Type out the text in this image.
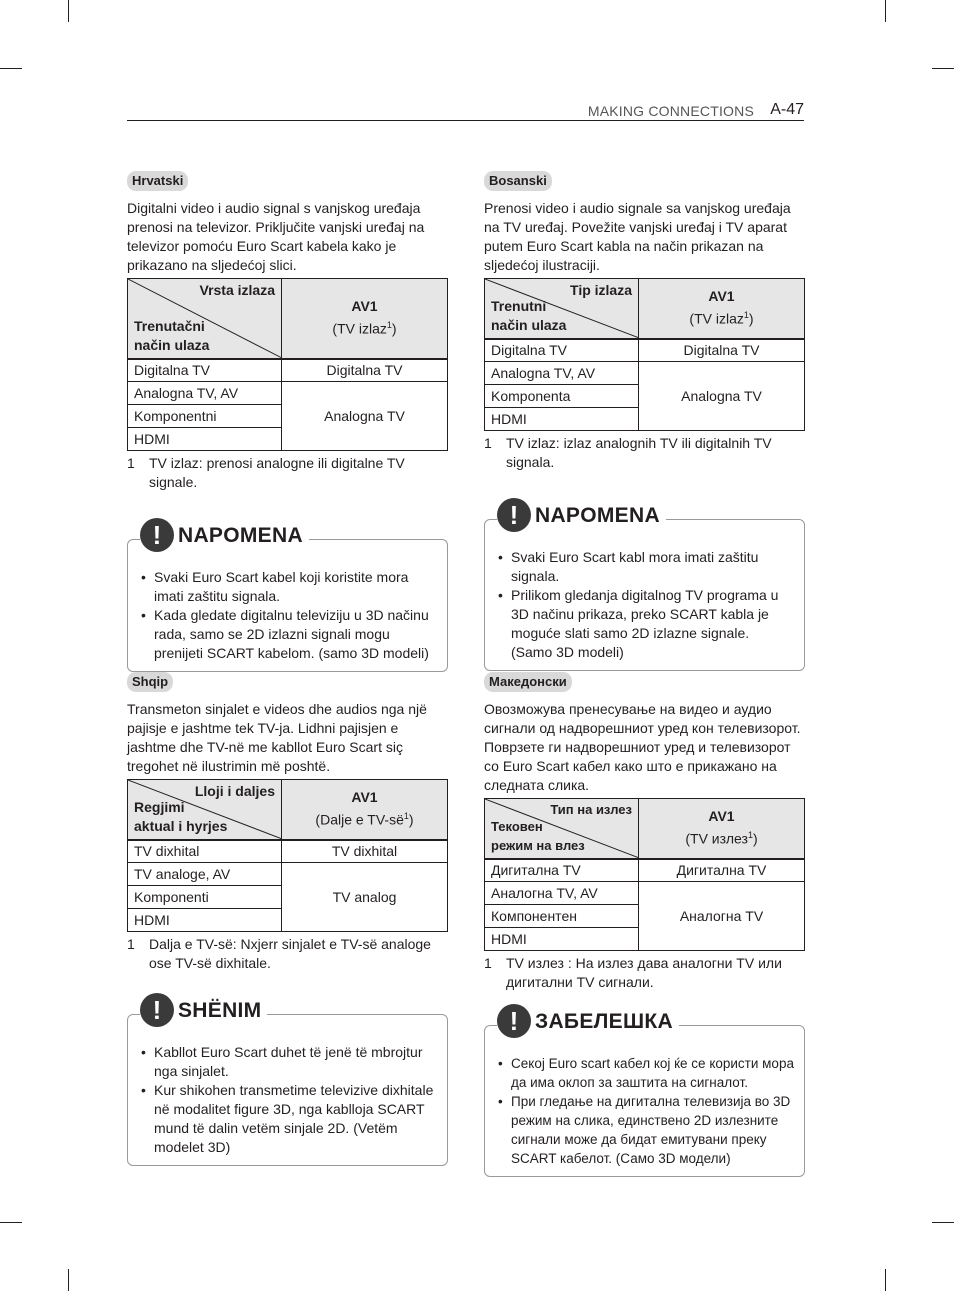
MAKING CONNECTIONS A-47
Hrvatski

Digitalni video i audio signal s vanjskog uređaja prenosi na televizor. Priključite vanjski uređaj na televizor pomoću Euro Scart kabela kako je prikazano na sljedećoj slici.

Vrsta izlaza
Trenutačni
način ulaza	AV1
(TV izlaz$^1$)
Digitalna TV	Digitalna TV
Analogna TV, AV	Analogna TV
Komponentni	
HDMI	
1	TV izlaz: prenosi analogne ili digitalne TV signale.
! NAPOMENA
• Svaki Euro Scart kabel koji koristite mora imati zaštitu signala.
• Kada gledate digitalnu televiziju u 3D načinu rada, samo se 2D izlazni signali mogu prenijeti SCART kabelom. (samo 3D modeli)
Bosanski

Prenosi video i audio signale sa vanjskog uređaja na TV uređaj. Povežite vanjski uređaj i TV aparat putem Euro Scart kabla na način prikazan na sljedećoj ilustraciji.

Tip izlaza
Trenutni
način ulaza	AV1
(TV izlaz$^1$)
Digitalna TV	Digitalna TV
Analogna TV, AV	Analogna TV
Komponenta	
HDMI	
1	TV izlaz: izlaz analognih TV ili digitalnih TV signala.
! NAPOMENA
• Svaki Euro Scart kabl mora imati zaštitu signala.
• Prilikom gledanja digitalnog TV programa u 3D načinu prikaza, preko SCART kabla je moguće slati samo 2D izlazne signale. (Samo 3D modeli)
Shqip

Transmeton sinjalet e videos dhe audios nga një pajisje e jashtme tek TV-ja. Lidhni pajisjen e jashtme dhe TV-në me kabllot Euro Scart siç tregohet në ilustrimin më poshtë.

Lloji i daljes
Regjimi
aktual i hyrjes	AV1
(Dalje e $TV-së^1$)
TV dixhital	TV dixhital
TV analoge, AV	TV analog
Komponenti	
HDMI	
1	Dalja e TV-së: Nxjerr sinjalet e TV-së analoge ose TV-së dixhitale.
! SHËNIM
• Kabllot Euro Scart duhet të jenë të mbrojtur nga sinjalet.
• Kur shikohen transmetime televizive dixhitale në modalitet figure 3D, nga kablloja SCART mund të dalin vetëm sinjale 2D. (Vetëm modelet 3D)
Македонски

Овозможува пренесување на видео и аудио сигнали од надворешниот уред кон телевизорот. Поврзете ги надворешниот уред и телевизорот со Euro Scart кабел како што е прикажано на следната слика.

Тип на излез
Тековен
режим на влез	AV1
(TV излез$^1$)
Дигитална TV	Дигитална TV
Аналогна TV, AV	Аналогна TV
Компонентен	
HDMI	
1	TV излез : На излез дава аналогни TV или дигитални TV сигнали.
! ЗАБЕЛЕШКА
• Секој Euro scart кабел кој ќе се користи мора да има оклоп за заштита на сигналот.
• При гледање на дигитална телевизија во 3D режим на слика, единствено 2D излезните сигнали може да бидат емитувани преку SCART кабелот. (Само 3D модели)
